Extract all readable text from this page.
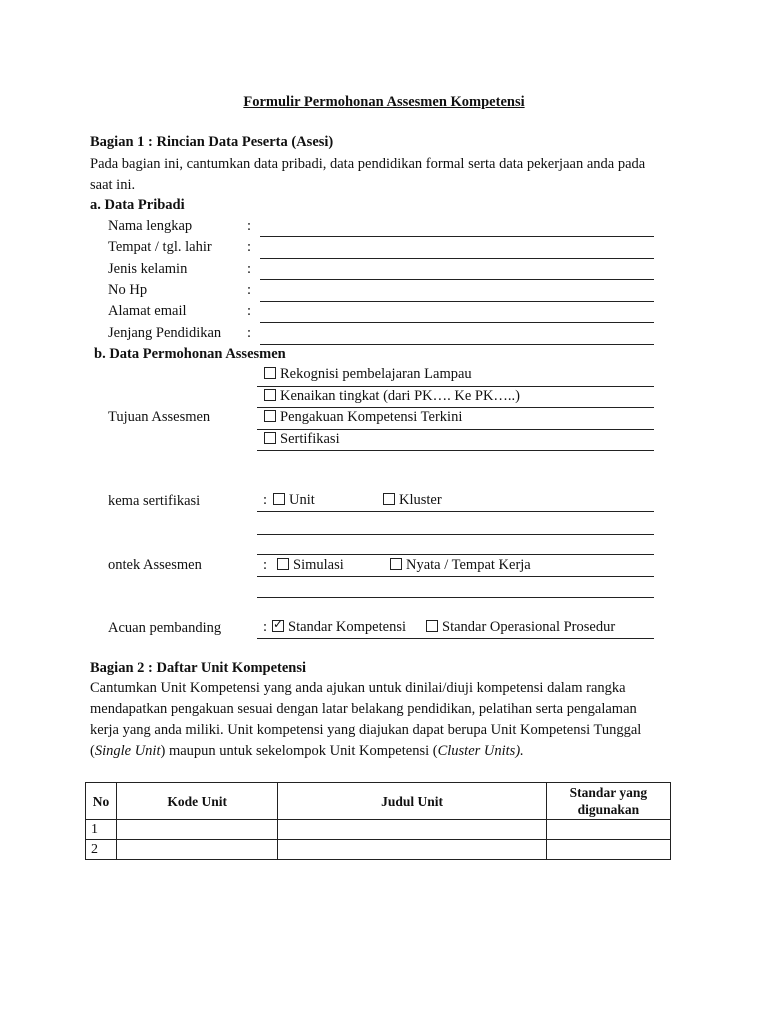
Formulir Permohonan Assesmen Kompetensi
Bagian 1 : Rincian Data Peserta (Asesi)
Pada bagian ini, cantumkan data pribadi, data pendidikan formal serta data pekerjaan anda pada
saat ini.
a. Data Pribadi
Nama lengkap	:
Tempat / tgl. lahir :
Jenis kelamin	:
No Hp	:
Alamat email	:
Jenjang Pendidikan :
b. Data Permohonan Assesmen
Tujuan Assesmen
Rekognisi pembelajaran Lampau
Kenaikan tingkat (dari PK…. Ke PK…..)
Pengakuan Kompetensi Terkini
Sertifikasi
kema sertifikasi	:	Unit	Kluster
ontek Assesmen	:	Simulasi	Nyata / Tempat Kerja
Acuan pembanding	: ✓	Standar Kompetensi	Standar Operasional Prosedur
Bagian 2 : Daftar Unit Kompetensi
Cantumkan Unit Kompetensi yang anda ajukan untuk dinilai/diuji kompetensi dalam rangka
mendapatkan pengakuan sesuai dengan latar belakang pendidikan, pelatihan serta pengalaman
kerja yang anda miliki. Unit kompetensi yang diajukan dapat berupa Unit Kompetensi Tunggal
(Single Unit) maupun untuk sekelompok Unit Kompetensi (Cluster Units).
No	Kode Unit	Judul Unit	Standar yang
digunakan
1			
2			
